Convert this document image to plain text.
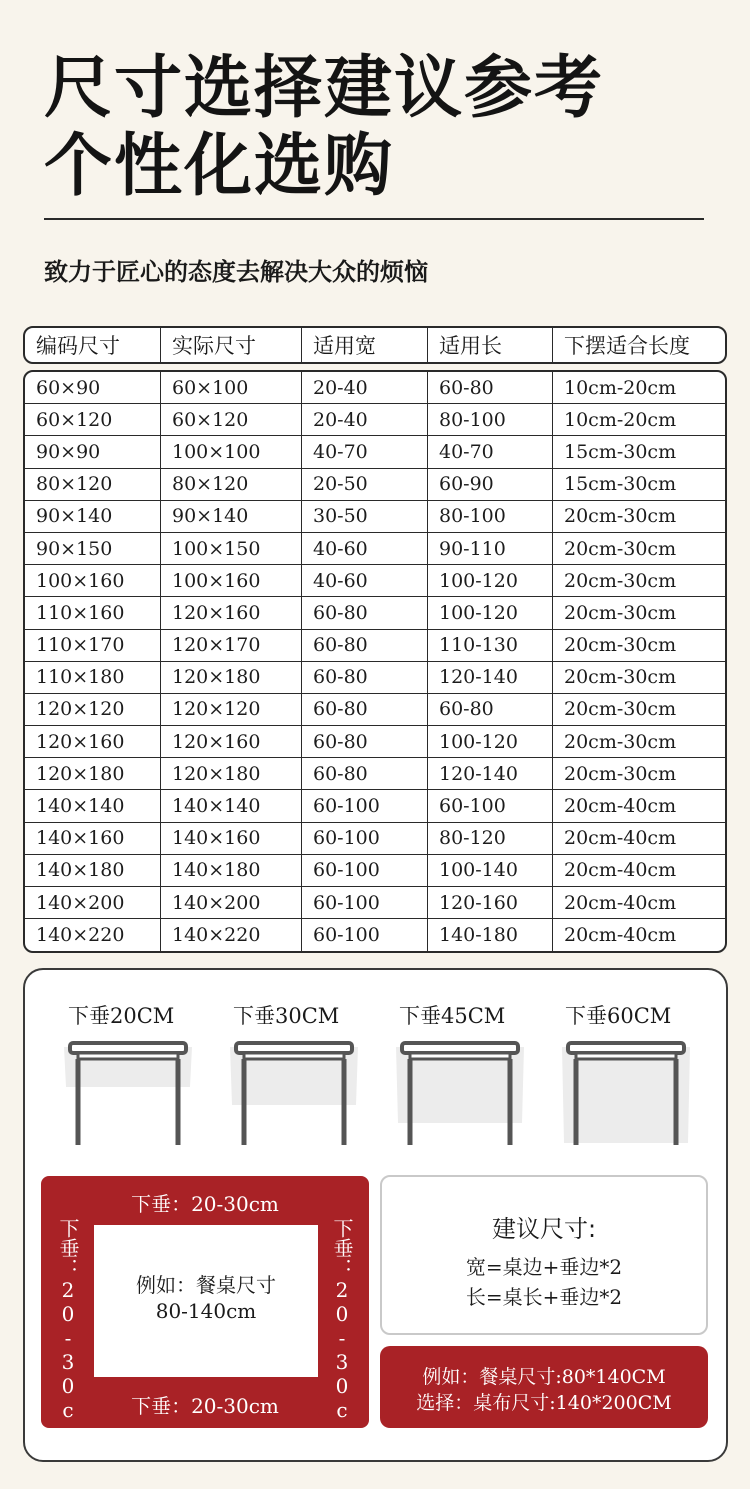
尺寸选择建议参考
个性化选购
致力于匠心的态度去解决大众的烦恼
编码尺寸	实际尺寸	适用宽	适用长	下摆适合长度
60×90	60×100	20-40	60-80	10cm-20cm
60×120	60×120	20-40	80-100	10cm-20cm
90×90	100×100	40-70	40-70	15cm-30cm
80×120	80×120	20-50	60-90	15cm-30cm
90×140	90×140	30-50	80-100	20cm-30cm
90×150	100×150	40-60	90-110	20cm-30cm
100×160	100×160	40-60	100-120	20cm-30cm
110×160	120×160	60-80	100-120	20cm-30cm
110×170	120×170	60-80	110-130	20cm-30cm
110×180	120×180	60-80	120-140	20cm-30cm
120×120	120×120	60-80	60-80	20cm-30cm
120×160	120×160	60-80	100-120	20cm-30cm
120×180	120×180	60-80	120-140	20cm-30cm
140×140	140×140	60-100	60-100	20cm-40cm
140×160	140×160	60-100	80-120	20cm-40cm
140×180	140×180	60-100	100-140	20cm-40cm
140×200	140×200	60-100	120-160	20cm-40cm
140×220	140×220	60-100	140-180	20cm-40cm
下垂20CM	下垂30CM	下垂45CM	下垂60CM
下垂：20-30cm
下垂：20-30cm	例如：餐桌尺寸
80-140cm	下垂：20-30cm
下垂：20-30cm
建议尺寸:
宽=桌边+垂边*2
长=桌长+垂边*2
例如：餐桌尺寸:80*140CM
选择：桌布尺寸:140*200CM
